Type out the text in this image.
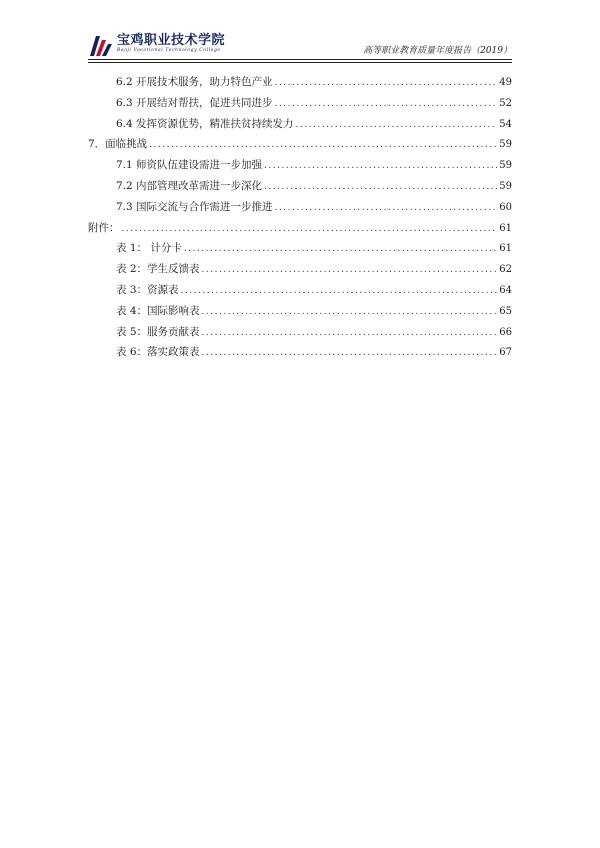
宝鸡职业技术学院
Baoji Vocational Technology College	高等职业教育质量年度报告（2019）
6.2 开展技术服务，助力特色产业 .....	49
6.3 开展结对帮扶，促进共同进步 .....	52
6.4 发挥资源优势，精准扶贫持续发力 .....	54
7．面临挑战 .....	59
7.1 师资队伍建设需进一步加强 .....	59
7.2 内部管理改革需进一步深化 .....	59
7.3 国际交流与合作需进一步推进 .....	60
附件： .....	61
表 1： 计分卡 .....	61
表 2：学生反馈表 .....	62
表 3：资源表 .....	64
表 4：国际影响表 .....	65
表 5：服务贡献表 .....	66
表 6：落实政策表 .....	67
